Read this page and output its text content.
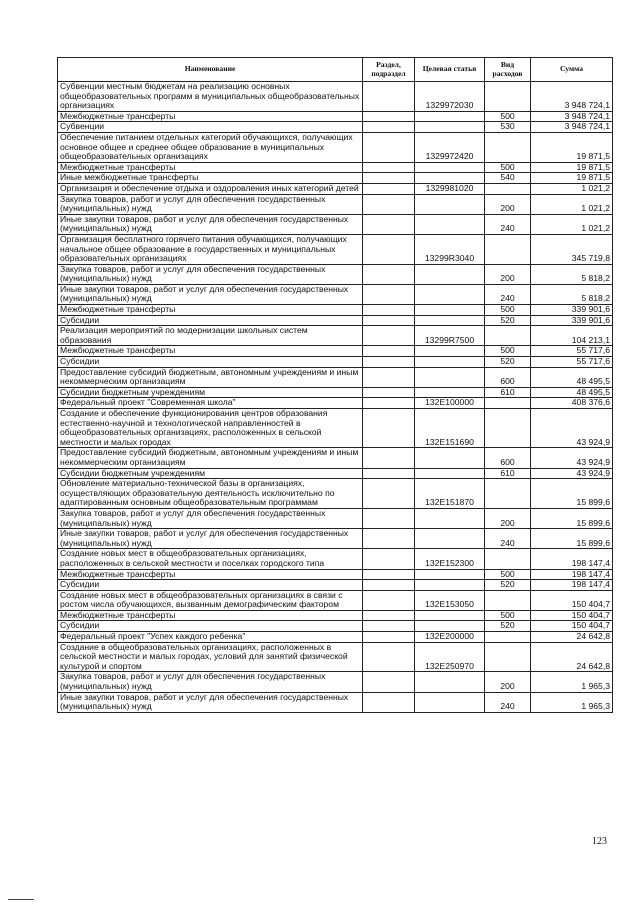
Наименование	Раздел, подраздел	Целевая статья	Вид расходов	Сумма
Субвенции местным бюджетам на реализацию основных общеобразовательных программ в муниципальных общеобразовательных организациях		1329972030		3 948 724,1
Межбюджетные трансферты			500	3 948 724,1
Субвенции			530	3 948 724,1
Обеспечение питанием отдельных категорий обучающихся, получающих основное общее и среднее общее образование в муниципальных общеобразовательных организациях		1329972420		19 871,5
Межбюджетные трансферты			500	19 871,5
Иные межбюджетные трансферты			540	19 871,5
Организация и обеспечение отдыха и оздоровления иных категорий детей		1329981020		1 021,2
Закупка товаров, работ и услуг для обеспечения государственных (муниципальных) нужд			200	1 021,2
Иные закупки товаров, работ и услуг для обеспечения государственных (муниципальных) нужд			240	1 021,2
Организация бесплатного горячего питания обучающихся, получающих начальное общее образование в государственных и муниципальных образовательных организациях		13299R3040		345 719,8
Закупка товаров, работ и услуг для обеспечения государственных (муниципальных) нужд			200	5 818,2
Иные закупки товаров, работ и услуг для обеспечения государственных (муниципальных) нужд			240	5 818,2
Межбюджетные трансферты			500	339 901,6
Субсидии			520	339 901,6
Реализация мероприятий по модернизации школьных систем образования		13299R7500		104 213,1
Межбюджетные трансферты			500	55 717,6
Субсидии			520	55 717,6
Предоставление субсидий бюджетным, автономным учреждениям и иным некоммерческим организациям			600	48 495,5
Субсидии бюджетным учреждениям			610	48 495,5
Федеральный проект "Современная школа"		132E100000		408 376,6
Создание и обеспечение функционирования центров образования естественно-научной и технологической направленностей в общеобразовательных организациях, расположенных в сельской местности и малых городах		132E151690		43 924,9
Предоставление субсидий бюджетным, автономным учреждениям и иным некоммерческим организациям			600	43 924,9
Субсидии бюджетным учреждениям			610	43 924,9
Обновление материально-технической базы в организациях, осуществляющих образовательную деятельность исключительно по адаптированным основным общеобразовательным программам		132E151870		15 899,6
Закупка товаров, работ и услуг для обеспечения государственных (муниципальных) нужд			200	15 899,6
Иные закупки товаров, работ и услуг для обеспечения государственных (муниципальных) нужд			240	15 899,6
Создание новых мест в общеобразовательных организациях, расположенных в сельской местности и поселках городского типа		132E152300		198 147,4
Межбюджетные трансферты			500	198 147,4
Субсидии			520	198 147,4
Создание новых мест в общеобразовательных организациях в связи с ростом числа обучающихся, вызванным демографическим фактором		132E153050		150 404,7
Межбюджетные трансферты			500	150 404,7
Субсидии			520	150 404,7
Федеральный проект "Успех каждого ребенка"		132E200000		24 642,8
Создание в общеобразовательных организациях, расположенных в сельской местности и малых городах, условий для занятий физической культурой и спортом		132E250970		24 642,8
Закупка товаров, работ и услуг для обеспечения государственных (муниципальных) нужд			200	1 965,3
Иные закупки товаров, работ и услуг для обеспечения государственных (муниципальных) нужд			240	1 965,3
123
